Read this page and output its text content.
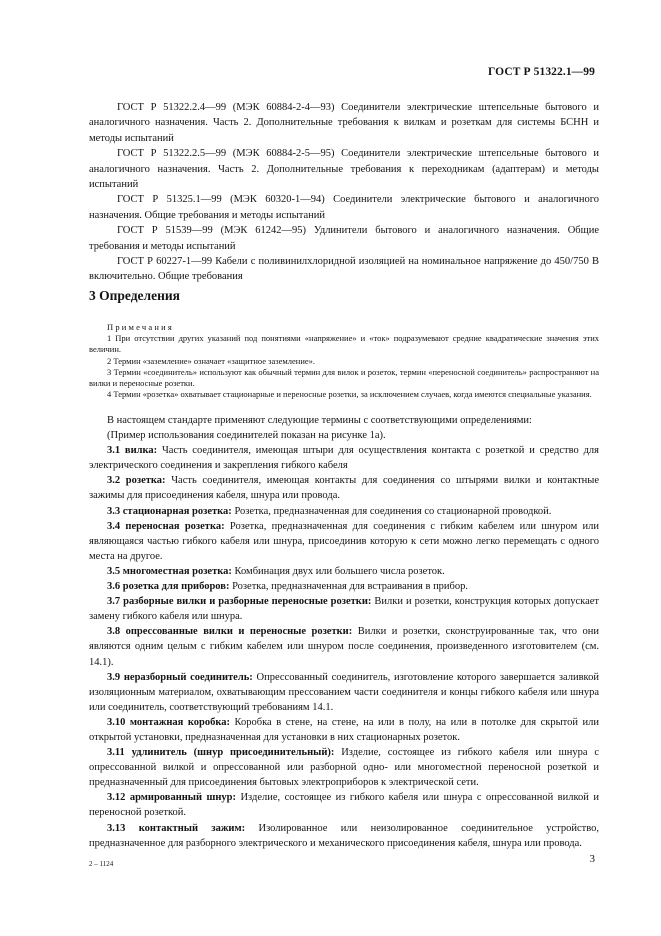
ГОСТ Р 51322.1—99

ГОСТ Р 51322.2.4—99 (МЭК 60884-2-4—93) Соединители электрические штепсельные бытового и аналогичного назначения. Часть 2. Дополнительные требования к вилкам и розеткам для системы БСНН и методы испытаний

ГОСТ Р 51322.2.5—99 (МЭК 60884-2-5—95) Соединители электрические штепсельные бытового и аналогичного назначения. Часть 2. Дополнительные требования к переходникам (адаптерам) и методы испытаний

ГОСТ Р 51325.1—99 (МЭК 60320-1—94) Соединители электрические бытового и аналогичного назначения. Общие требования и методы испытаний

ГОСТ Р 51539—99 (МЭК 61242—95) Удлинители бытового и аналогичного назначения. Общие требования и методы испытаний

ГОСТ Р 60227-1—99 Кабели с поливинилхлоридной изоляцией на номинальное напряжение до 450/750 В включительно. Общие требования

3 Определения

Примечания

1 При отсутствии других указаний под понятиями «напряжение» и «ток» подразумевают средние квадратические значения этих величин.

2 Термин «заземление» означает «защитное заземление».

3 Термин «соединитель» используют как обычный термин для вилок и розеток, термин «переносной соединитель» распространяют на вилки и переносные розетки.

4 Термин «розетка» охватывает стационарные и переносные розетки, за исключением случаев, когда имеются специальные указания.

В настоящем стандарте применяют следующие термины с соответствующими определениями:

(Пример использования соединителей показан на рисунке 1а).

3.1 вилка: Часть соединителя, имеющая штыри для осуществления контакта с розеткой и средство для электрического соединения и закрепления гибкого кабеля

3.2 розетка: Часть соединителя, имеющая контакты для соединения со штырями вилки и контактные зажимы для присоединения кабеля, шнура или провода.

3.3 стационарная розетка: Розетка, предназначенная для соединения со стационарной проводкой.

3.4 переносная розетка: Розетка, предназначенная для соединения с гибким кабелем или шнуром или являющаяся частью гибкого кабеля или шнура, присоединив которую к сети можно легко перемещать с одного места на другое.

3.5 многоместная розетка: Комбинация двух или большего числа розеток.

3.6 розетка для приборов: Розетка, предназначенная для встраивания в прибор.

3.7 разборные вилки и разборные переносные розетки: Вилки и розетки, конструкция которых допускает замену гибкого кабеля или шнура.

3.8 опрессованные вилки и переносные розетки: Вилки и розетки, сконструированные так, что они являются одним целым с гибким кабелем или шнуром после соединения, произведенного изготовителем (см. 14.1).

3.9 неразборный соединитель: Опрессованный соединитель, изготовление которого завершается заливкой изоляционным материалом, охватывающим прессованием части соединителя и концы гибкого кабеля или шнура или соединитель, соответствующий требованиям 14.1.

3.10 монтажная коробка: Коробка в стене, на стене, на или в полу, на или в потолке для скрытой или открытой установки, предназначенная для установки в них стационарных розеток.

3.11 удлинитель (шнур присоединительный): Изделие, состоящее из гибкого кабеля или шнура с опрессованной вилкой и опрессованной или разборной одно- или многоместной переносной розеткой и предназначенный для присоединения бытовых электроприборов к электрической сети.

3.12 армированный шнур: Изделие, состоящее из гибкого кабеля или шнура с опрессованной вилкой и переносной розеткой.

3.13 контактный зажим: Изолированное или неизолированное соединительное устройство, предназначенное для разборного электрического и механического присоединения кабеля, шнура или провода.

2 – 1124	3
